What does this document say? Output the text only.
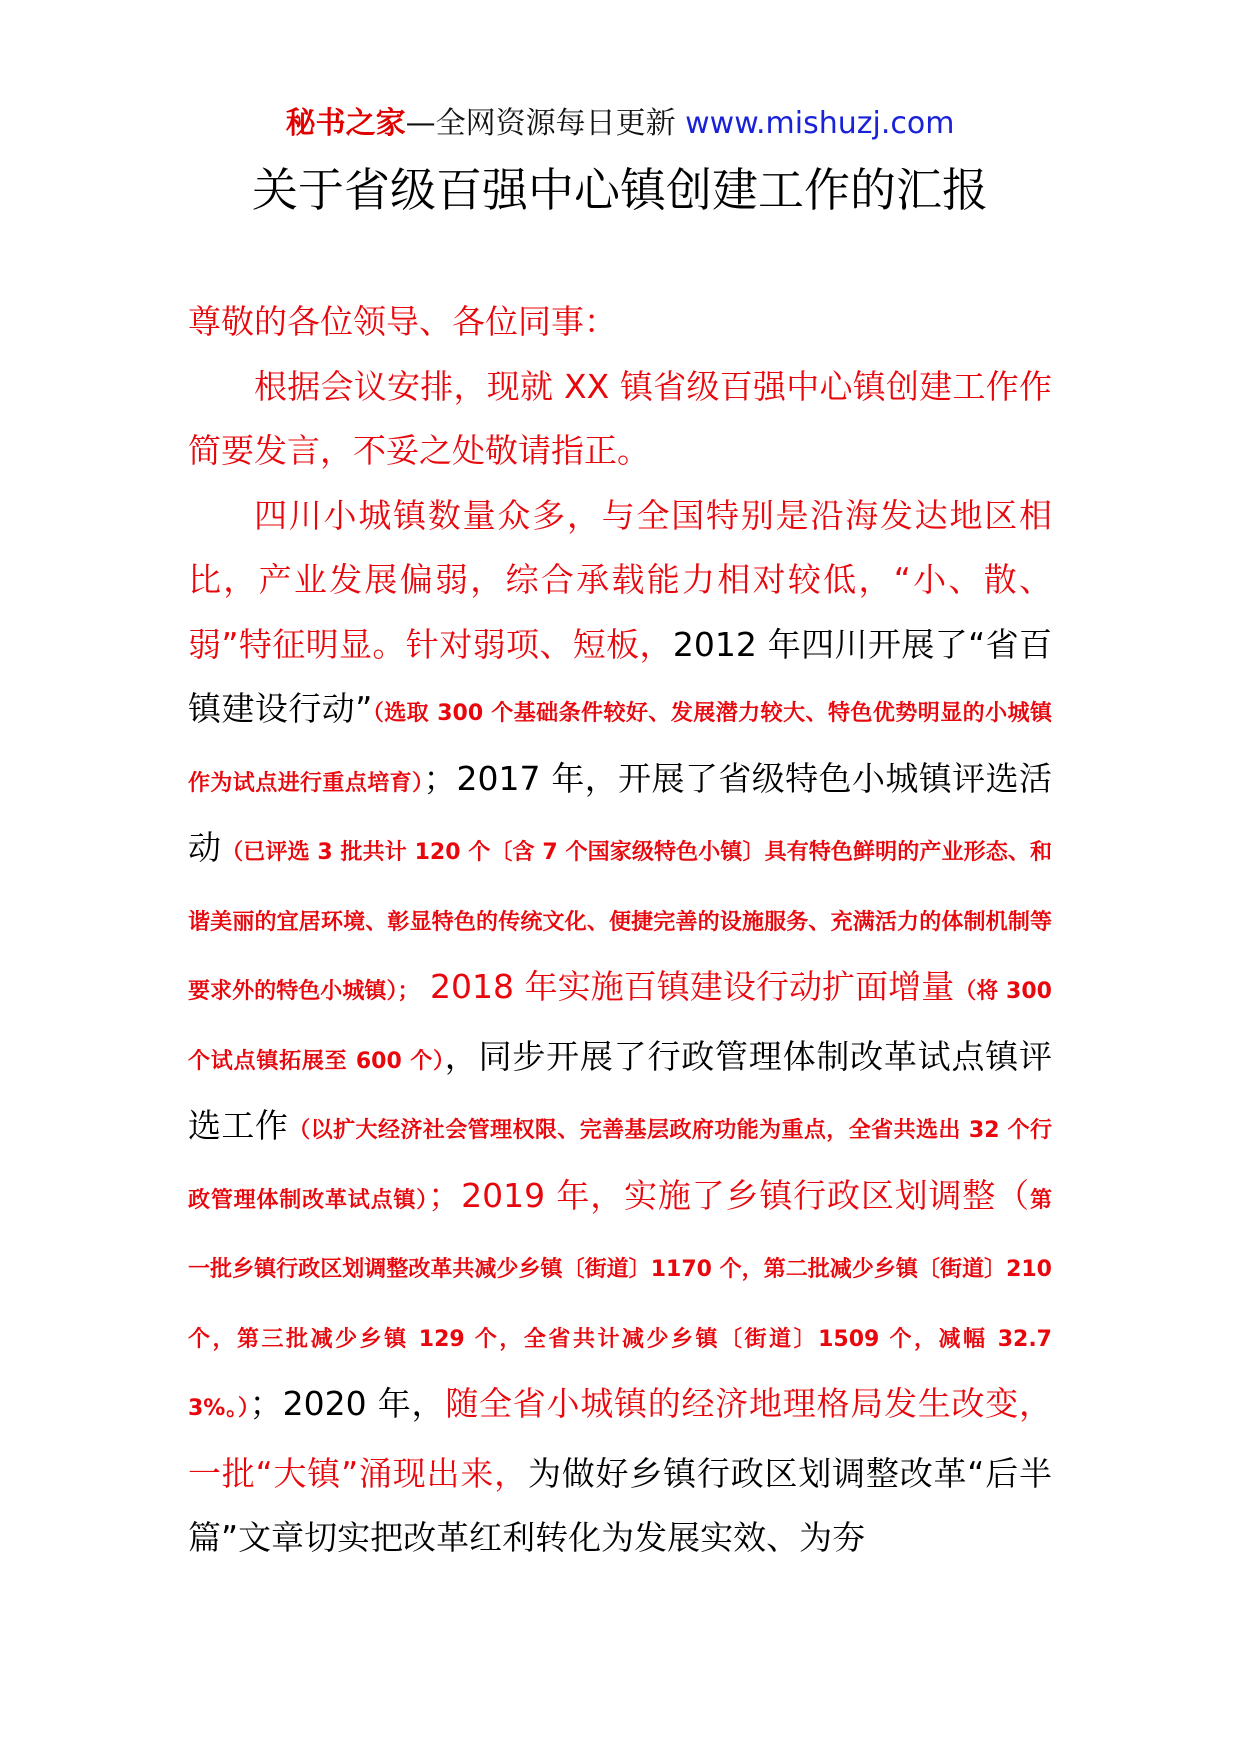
秘书之家—全网资源每日更新 www.mishuzj.com
关于省级百强中心镇创建工作的汇报

尊敬的各位领导、各位同事：

根据会议安排，现就 XX 镇省级百强中心镇创建工作作简要发言，不妥之处敬请指正。

四川小城镇数量众多，与全国特别是沿海发达地区相比，产业发展偏弱，综合承载能力相对较低，“小、散、弱”特征明显。针对弱项、短板，2012 年四川开展了“省百镇建设行动”（选取 300 个基础条件较好、发展潜力较大、特色优势明显的小城镇作为试点进行重点培育）；2017 年，开展了省级特色小城镇评选活动（已评选 3 批共计 120 个〔含 7 个国家级特色小镇〕具有特色鲜明的产业形态、和谐美丽的宜居环境、彰显特色的传统文化、便捷完善的设施服务、充满活力的体制机制等要求外的特色小城镇）； 2018 年实施百镇建设行动扩面增量（将 300 个试点镇拓展至 600 个），同步开展了行政管理体制改革试点镇评选工作（以扩大经济社会管理权限、完善基层政府功能为重点，全省共选出 32 个行政管理体制改革试点镇）；2019 年，实施了乡镇行政区划调整（第一批乡镇行政区划调整改革共减少乡镇〔街道〕1170 个，第二批减少乡镇〔街道〕210 个，第三批减少乡镇 129 个，全省共计减少乡镇〔街道〕1509 个，减幅 32.73%。）；2020 年，随全省小城镇的经济地理格局发生改变，一批“大镇”涌现出来，为做好乡镇行政区划调整改革“后半篇”文章切实把改革红利转化为发展实效、为夯
